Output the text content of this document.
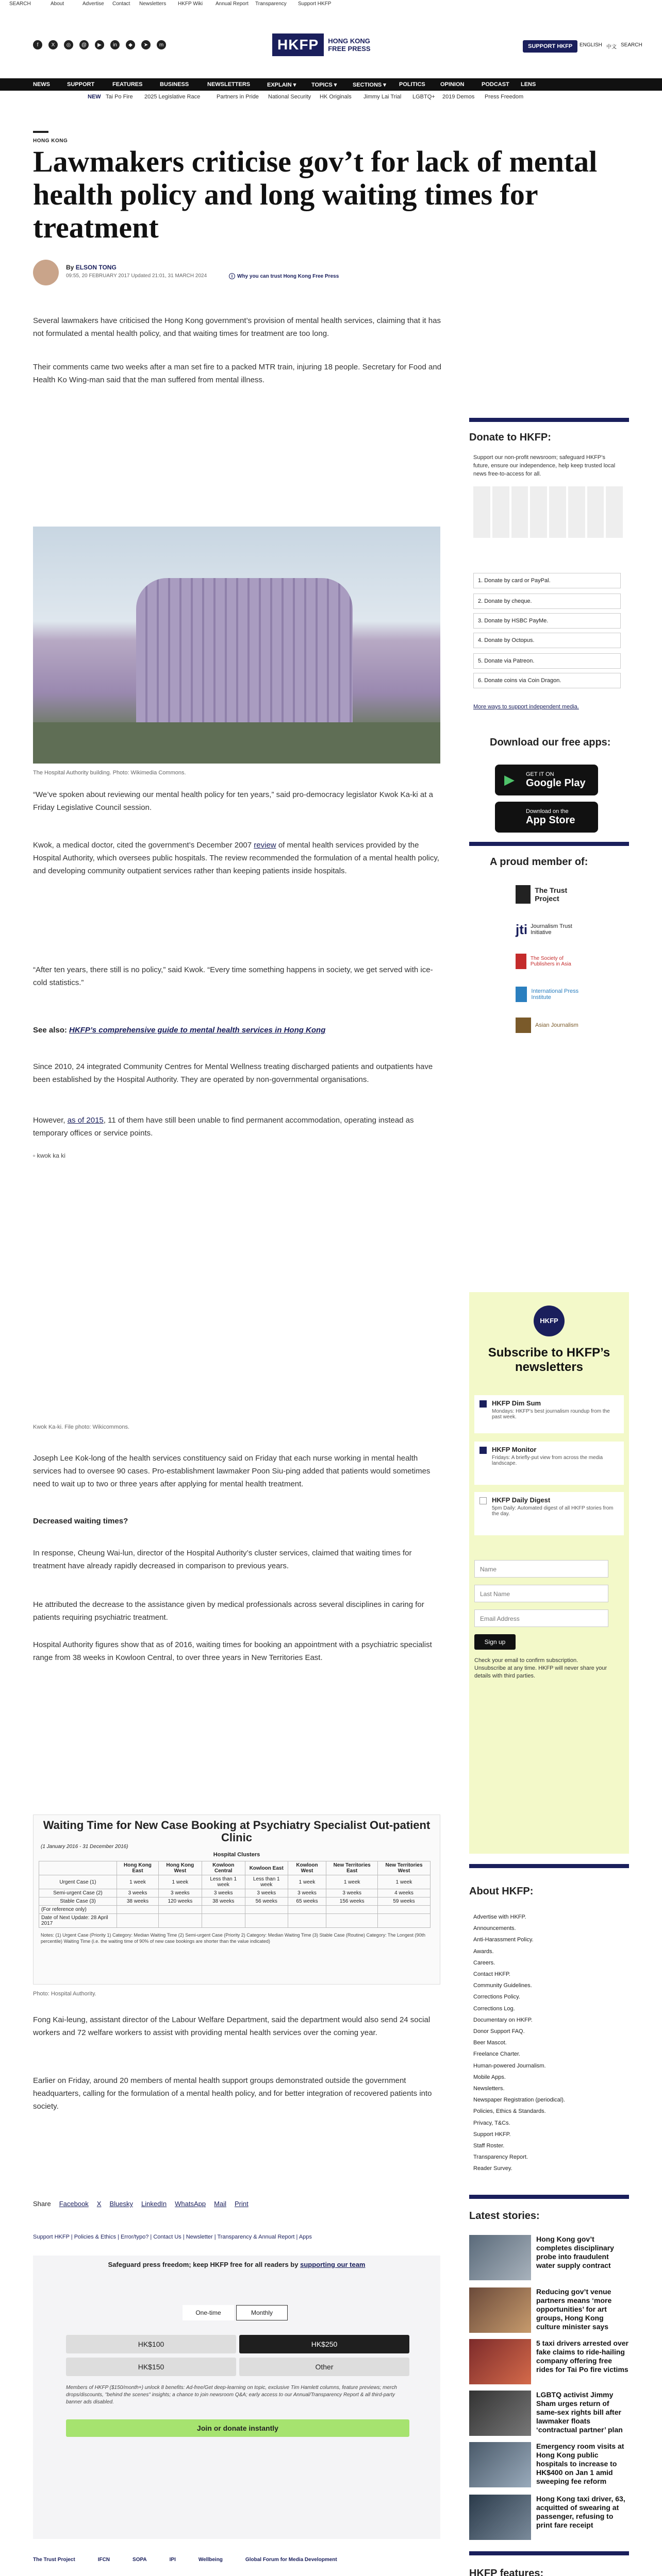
SEARCH	About	Advertise Contact Newsletters HKFP Wiki Annual Report Transparency Support HKFP
f	X	◎	@	▶	in	◆	➤	m	HKFP	HONG KONG
FREE PRESS	SUPPORT HKFP	ENGLISH 中文 SEARCH
NEWS	SUPPORT	FEATURES	BUSINESS	NEWSLETTERS	EXPLAIN ▾	TOPICS ▾	SECTIONS ▾ POLITICS	OPINION	PODCAST LENS
NEW Tai Po Fire 2025 Legislative Race	Partners in Pride National Security HK Originals Jimmy Lai Trial LGBTQ+ 2019 Demos Press Freedom
HONG KONG
Lawmakers criticise gov’t for lack of mental health policy and long waiting times for treatment
By ELSON TONG
09:55, 20 FEBRUARY 2017 Updated 21:01, 31 MARCH 2024	i Why you can trust Hong Kong Free Press

Several lawmakers have criticised the Hong Kong government’s provision of mental health services, claiming that it has not formulated a mental health policy, and that waiting times for treatment are too long.

Their comments came two weeks after a man set fire to a packed MTR train, injuring 18 people. Secretary for Food and Health Ko Wing-man said that the man suffered from mental illness.

The Hospital Authority building. Photo: Wikimedia Commons.

“We’ve spoken about reviewing our mental health policy for ten years,” said pro-democracy legislator Kwok Ka-ki at a Friday Legislative Council session.

Kwok, a medical doctor, cited the government’s December 2007 review of mental health services provided by the Hospital Authority, which oversees public hospitals. The review recommended the formulation of a mental health policy, and developing community outpatient services rather than keeping patients inside hospitals.

“After ten years, there still is no policy,” said Kwok. “Every time something happens in society, we get served with ice-cold statistics.”

See also: HKFP’s comprehensive guide to mental health services in Hong Kong

Since 2010, 24 integrated Community Centres for Mental Wellness treating discharged patients and outpatients have been established by the Hospital Authority. They are operated by non-governmental organisations.

However, as of 2015, 11 of them have still been unable to find permanent accommodation, operating instead as temporary offices or service points.

▫ kwok ka ki
Kwok Ka-ki. File photo: Wikicommons.

Joseph Lee Kok-long of the health services constituency said on Friday that each nurse working in mental health services had to oversee 90 cases. Pro-establishment lawmaker Poon Siu-ping added that patients would sometimes need to wait up to two or three years after applying for mental health treatment.

Decreased waiting times?

In response, Cheung Wai-lun, director of the Hospital Authority’s cluster services, claimed that waiting times for treatment have already rapidly decreased in comparison to previous years.

He attributed the decrease to the assistance given by medical professionals across several disciplines in caring for patients requiring psychiatric treatment.

Hospital Authority figures show that as of 2016, waiting times for booking an appointment with a psychiatric specialist range from 38 weeks in Kowloon Central, to over three years in New Territories East.

Waiting Time for New Case Booking at Psychiatry Specialist Out-patient Clinic
(1 January 2016 - 31 December 2016)
Hospital Clusters
	Hong Kong East	Hong Kong West	Kowloon Central	Kowloon East	Kowloon West	New Territories East	New Territories West
Urgent Case (1)	1 week	1 week	Less than 1 week	Less than 1 week	1 week	1 week	1 week
Semi-urgent Case (2)	3 weeks	3 weeks	3 weeks	3 weeks	3 weeks	3 weeks	4 weeks
Stable Case (3)	38 weeks	120 weeks	38 weeks	56 weeks	65 weeks	156 weeks	59 weeks
(For reference only)							
Date of Next Update: 28 April 2017							
Notes: (1) Urgent Case (Priority 1) Category: Median Waiting Time (2) Semi-urgent Case (Priority 2) Category: Median Waiting Time (3) Stable Case (Routine) Category: The Longest (90th percentile) Waiting Time (i.e. the waiting time of 90% of new case bookings are shorter than the value indicated)
Photo: Hospital Authority.

Fong Kai-leung, assistant director of the Labour Welfare Department, said the department would also send 24 social workers and 72 welfare workers to assist with providing mental health services over the coming year.

Earlier on Friday, around 20 members of mental health support groups demonstrated outside the government headquarters, calling for the formulation of a mental health policy, and for better integration of recovered patients into society.

Share Facebook X Bluesky LinkedIn WhatsApp Mail Print
Support HKFP | Policies & Ethics | Error/typo? | Contact Us | Newsletter | Transparency & Annual Report | Apps
Safeguard press freedom; keep HKFP free for all readers by supporting our team
One-time	Monthly
HK$100	HK$250
HK$150	Other
Members of HKFP ($150/month+) unlock 8 benefits: Ad-free/Get deep-learning on topic, exclusive Tim Hamlett columns, feature previews; merch drops/discounts, "behind the scenes" insights; a chance to join newsroom Q&A; early access to our Annual/Transparency Report & all third-party banner ads disabled.
Join or donate instantly
The Trust Project	IFCN	SOPA	IPI	Wellbeing	Global Forum for Media Development
Donate to HKFP:
Support our non-profit newsroom; safeguard HKFP’s future, ensure our independence, help keep trusted local news free-to-access for all.
1. Donate by card or PayPal.
2. Donate by cheque.
3. Donate by HSBC PayMe.
4. Donate by Octopus.
5. Donate via Patreon.
6. Donate coins via Coin Dragon.
More ways to support independent media.
Download our free apps:
▶ GET IT ON
Google Play
Download on the
App Store
A proud member of:
The Trust Project
jti Journalism Trust Initiative
The Society of Publishers in Asia
International Press Institute
Asian Journalism
HKFP
Subscribe to HKFP’s newsletters
HKFP Dim Sum
Mondays: HKFP’s best journalism roundup from the past week.
HKFP Monitor
Fridays: A briefly-put view from across the media landscape.
HKFP Daily Digest
5pm Daily: Automated digest of all HKFP stories from the day.
Name
Last Name
Email Address
Sign up
Check your email to confirm subscription. Unsubscribe at any time. HKFP will never share your details with third parties.
About HKFP:
Advertise with HKFP.
Announcements.
Anti-Harassment Policy.
Awards.
Careers.
Contact HKFP.
Community Guidelines.
Corrections Policy.
Corrections Log.
Documentary on HKFP.
Donor Support FAQ.
Beer Mascot.
Freelance Charter.
Human-powered Journalism.
Mobile Apps.
Newsletters.
Newspaper Registration (periodical).
Policies, Ethics & Standards.
Privacy, T&Cs.
Support HKFP.
Staff Roster.
Transparency Report.
Reader Survey.
Latest stories:
Hong Kong gov’t completes disciplinary probe into fraudulent water supply contract
Reducing gov’t venue partners means ‘more opportunities’ for art groups, Hong Kong culture minister says
5 taxi drivers arrested over fake claims to ride-hailing company offering free rides for Tai Po fire victims
LGBTQ activist Jimmy Sham urges return of same-sex rights bill after lawmaker floats ‘contractual partner’ plan
Emergency room visits at Hong Kong public hospitals to increase to HK$400 on Jan 1 amid sweeping fee reform
Hong Kong taxi driver, 63, acquitted of swearing at passenger, refusing to print fare receipt
HKFP features:
